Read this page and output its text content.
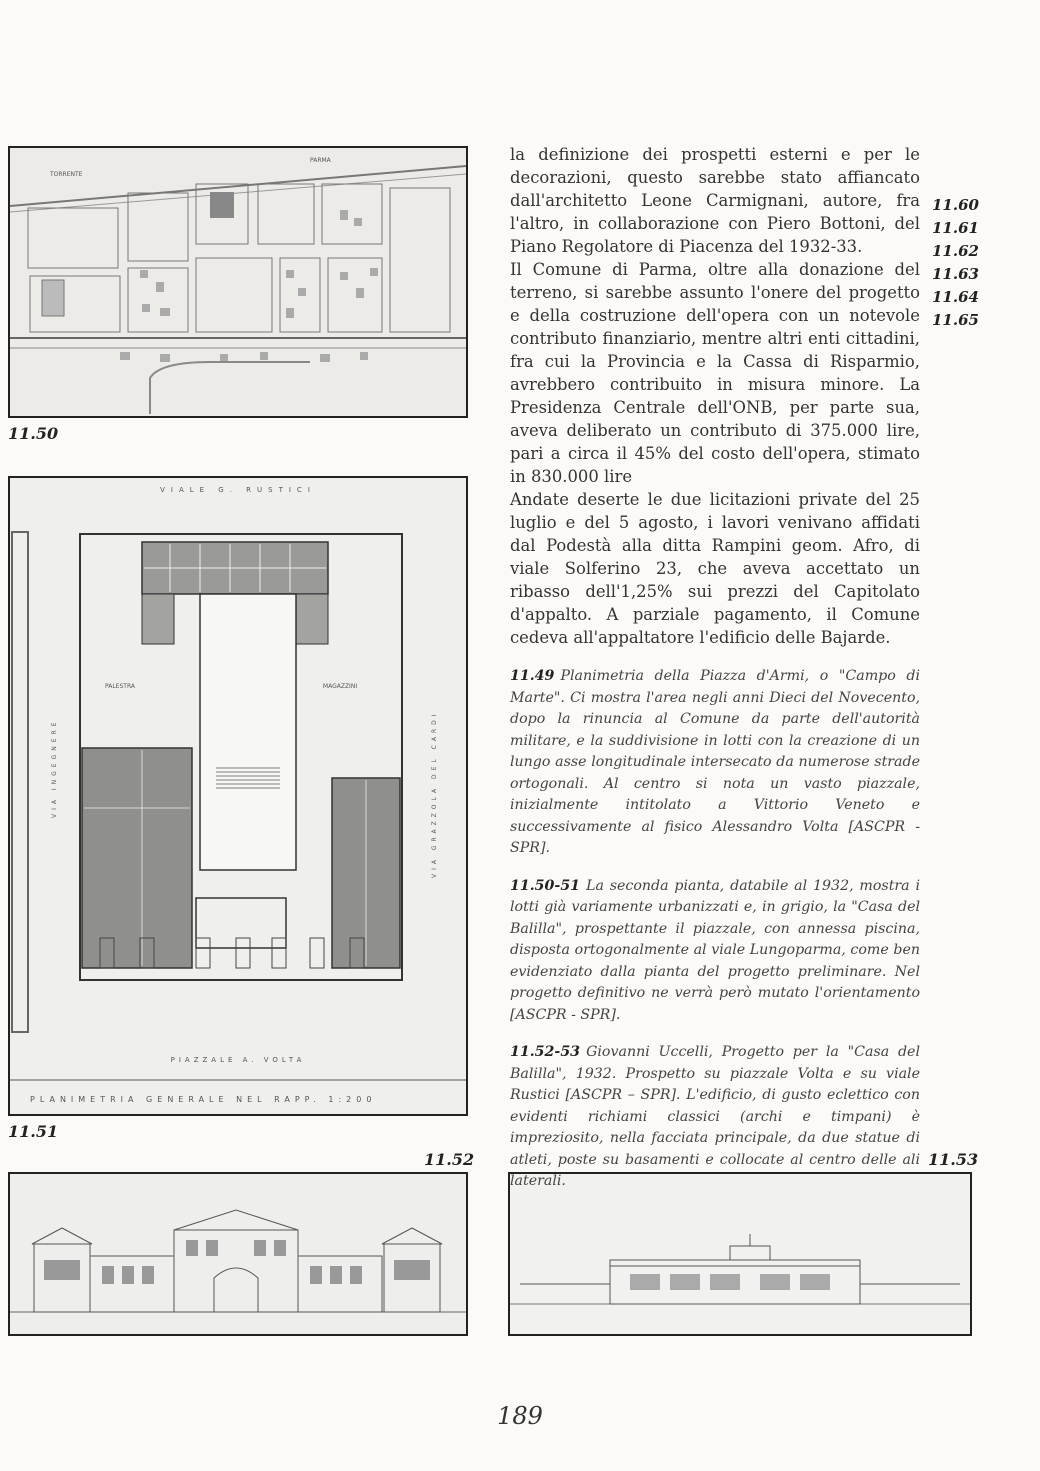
TORRENTE
PARMA
11.50
VIALE G. RUSTICI
PIAZZALE A. VOLTA
PALESTRA	MAGAZZINI
VIA GRAZZOLA DEL CARDI
VIA INGEGNERE
PLANIMETRIA GENERALE NEL RAPP. 1:200
11.51
11.52	11.53

la definizione dei prospetti esterni e per le decorazioni, questo sarebbe stato affiancato dall'architetto Leone Carmignani, autore, fra l'altro, in collaborazione con Piero Bottoni, del Piano Regolatore di Piacenza del 1932-33.

Il Comune di Parma, oltre alla donazione del terreno, si sarebbe assunto l'onere del progetto e della costruzione dell'opera con un notevole contributo finanziario, mentre altri enti cittadini, fra cui la Provincia e la Cassa di Risparmio, avrebbero contribuito in misura minore. La Presidenza Centrale dell'ONB, per parte sua, aveva deliberato un contributo di 375.000 lire, pari a circa il 45% del costo dell'opera, stimato in 830.000 lire

Andate deserte le due licitazioni private del 25 luglio e del 5 agosto, i lavori venivano affidati dal Podestà alla ditta Rampini geom. Afro, di viale Solferino 23, che aveva accettato un ribasso dell'1,25% sui prezzi del Capitolato d'appalto. A parziale pagamento, il Comune cedeva all'appaltatore l'edificio delle Bajarde.

11.60
11.61
11.62
11.63
11.64
11.65

11.49 Planimetria della Piazza d'Armi, o "Campo di Marte". Ci mostra l'area negli anni Dieci del Novecento, dopo la rinuncia al Comune da parte dell'autorità militare, e la suddivisione in lotti con la creazione di un lungo asse longitudinale intersecato da numerose strade ortogonali. Al centro si nota un vasto piazzale, inizialmente intitolato a Vittorio Veneto e successivamente al fisico Alessandro Volta [ASCPR - SPR].

11.50-51 La seconda pianta, databile al 1932, mostra i lotti già variamente urbanizzati e, in grigio, la "Casa del Balilla", prospettante il piazzale, con annessa piscina, disposta ortogonalmente al viale Lungoparma, come ben evidenziato dalla pianta del progetto preliminare. Nel progetto definitivo ne verrà però mutato l'orientamento [ASCPR - SPR].

11.52-53 Giovanni Uccelli, Progetto per la "Casa del Balilla", 1932. Prospetto su piazzale Volta e su viale Rustici [ASCPR – SPR]. L'edificio, di gusto eclettico con evidenti richiami classici (archi e timpani) è impreziosito, nella facciata principale, da due statue di atleti, poste su basamenti e collocate al centro delle ali laterali.

189
